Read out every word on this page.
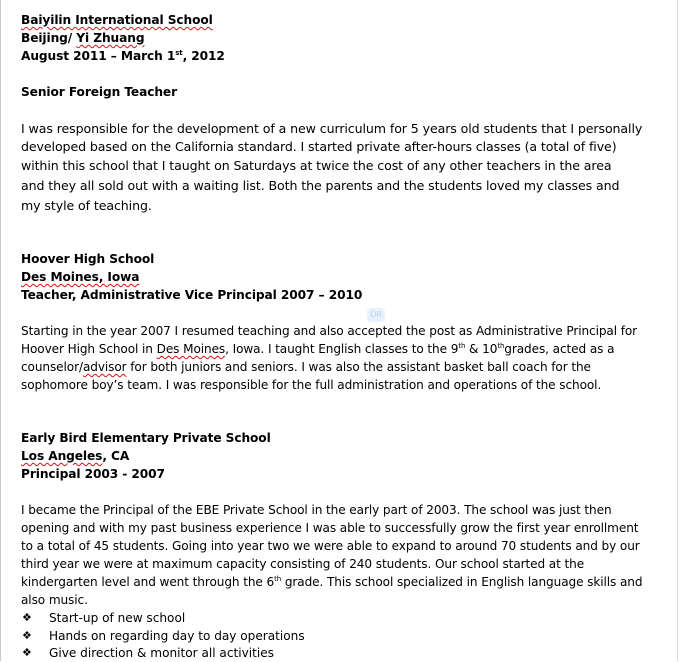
Baiyilin International School
Beijing/ Yi Zhuang
August 2011 – March 1st, 2012
Senior Foreign Teacher
I was responsible for the development of a new curriculum for 5 years old students that I personally
developed based on the California standard. I started private after-hours classes (a total of five)
within this school that I taught on Saturdays at twice the cost of any other teachers in the area
and they all sold out with a waiting list. Both the parents and the students loved my classes and
my style of teaching.
Hoover High School
Des Moines, Iowa
Teacher, Administrative Vice Principal 2007 – 2010
Starting in the year 2007 I resumed teaching and also accepted the post as Administrative Principal for
Hoover High School in Des Moines, Iowa. I taught English classes to the 9th & 10thgrades, acted as a
counselor/advisor for both juniors and seniors. I was also the assistant basket ball coach for the
sophomore boy’s team. I was responsible for the full administration and operations of the school.
OR
Early Bird Elementary Private School
Los Angeles, CA
Principal 2003 - 2007
I became the Principal of the EBE Private School in the early part of 2003. The school was just then
opening and with my past business experience I was able to successfully grow the first year enrollment
to a total of 45 students. Going into year two we were able to expand to around 70 students and by our
third year we were at maximum capacity consisting of 240 students. Our school started at the
kindergarten level and went through the 6th grade. This school specialized in English language skills and
also music.
❖ Start-up of new school
❖ Hands on regarding day to day operations
❖ Give direction & monitor all activities
